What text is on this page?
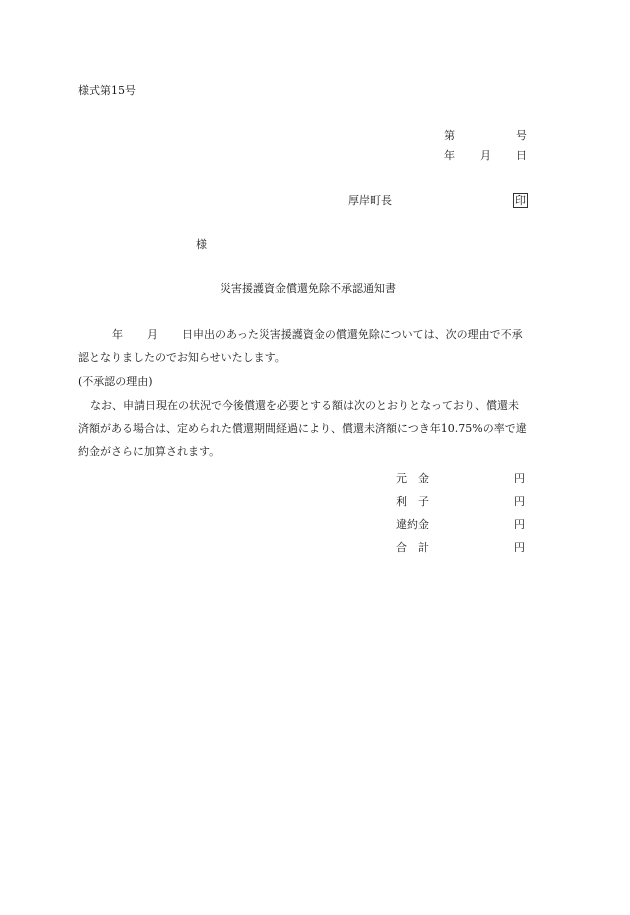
様式第15号
第	号
年 月 日
厚岸町長	印
様
災害援護資金償還免除不承認通知書
年 月 日申出のあった災害援護資金の償還免除については、次の理由で不承
認となりましたのでお知らせいたします。
(不承認の理由)
なお、申請日現在の状況で今後償還を必要とする額は次のとおりとなっており、償還未
済額がある場合は、定められた償還期間経過により、償還未済額につき年10.75%の率で違
約金がさらに加算されます。
元　金	円
利　子	円
違約金	円
合　計	円
